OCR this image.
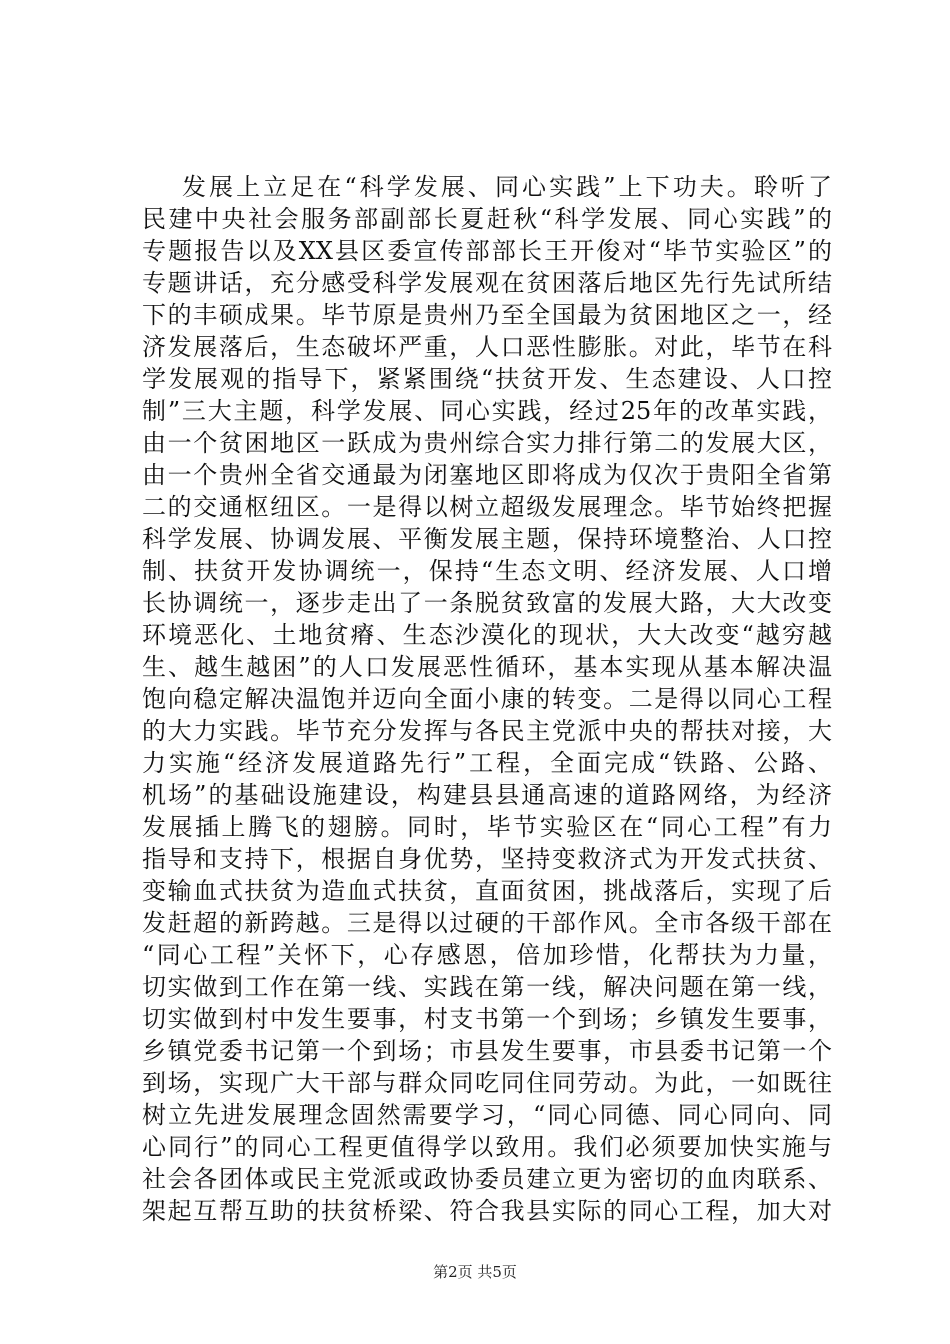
发展上立足在“科学发展、同心实践”上下功夫。聆听了
民建中央社会服务部副部长夏赶秋“科学发展、同心实践”的
专题报告以及XX县区委宣传部部长王开俊对“毕节实验区”的
专题讲话，充分感受科学发展观在贫困落后地区先行先试所结
下的丰硕成果。毕节原是贵州乃至全国最为贫困地区之一，经
济发展落后，生态破坏严重，人口恶性膨胀。对此，毕节在科
学发展观的指导下，紧紧围绕“扶贫开发、生态建设、人口控
制”三大主题，科学发展、同心实践，经过25年的改革实践，
由一个贫困地区一跃成为贵州综合实力排行第二的发展大区，
由一个贵州全省交通最为闭塞地区即将成为仅次于贵阳全省第
二的交通枢纽区。一是得以树立超级发展理念。毕节始终把握
科学发展、协调发展、平衡发展主题，保持环境整治、人口控
制、扶贫开发协调统一，保持“生态文明、经济发展、人口增
长协调统一，逐步走出了一条脱贫致富的发展大路，大大改变
环境恶化、土地贫瘠、生态沙漠化的现状，大大改变“越穷越
生、越生越困”的人口发展恶性循环，基本实现从基本解决温
饱向稳定解决温饱并迈向全面小康的转变。二是得以同心工程
的大力实践。毕节充分发挥与各民主党派中央的帮扶对接，大
力实施“经济发展道路先行”工程，全面完成“铁路、公路、
机场”的基础设施建设，构建县县通高速的道路网络，为经济
发展插上腾飞的翅膀。同时，毕节实验区在“同心工程”有力
指导和支持下，根据自身优势，坚持变救济式为开发式扶贫、
变输血式扶贫为造血式扶贫，直面贫困，挑战落后，实现了后
发赶超的新跨越。三是得以过硬的干部作风。全市各级干部在
“同心工程”关怀下，心存感恩，倍加珍惜，化帮扶为力量，
切实做到工作在第一线、实践在第一线，解决问题在第一线，
切实做到村中发生要事，村支书第一个到场；乡镇发生要事，
乡镇党委书记第一个到场；市县发生要事，市县委书记第一个
到场，实现广大干部与群众同吃同住同劳动。为此，一如既往
树立先进发展理念固然需要学习，“同心同德、同心同向、同
心同行”的同心工程更值得学以致用。我们必须要加快实施与
社会各团体或民主党派或政协委员建立更为密切的血肉联系、
架起互帮互助的扶贫桥梁、符合我县实际的同心工程，加大对
第2页 共5页
